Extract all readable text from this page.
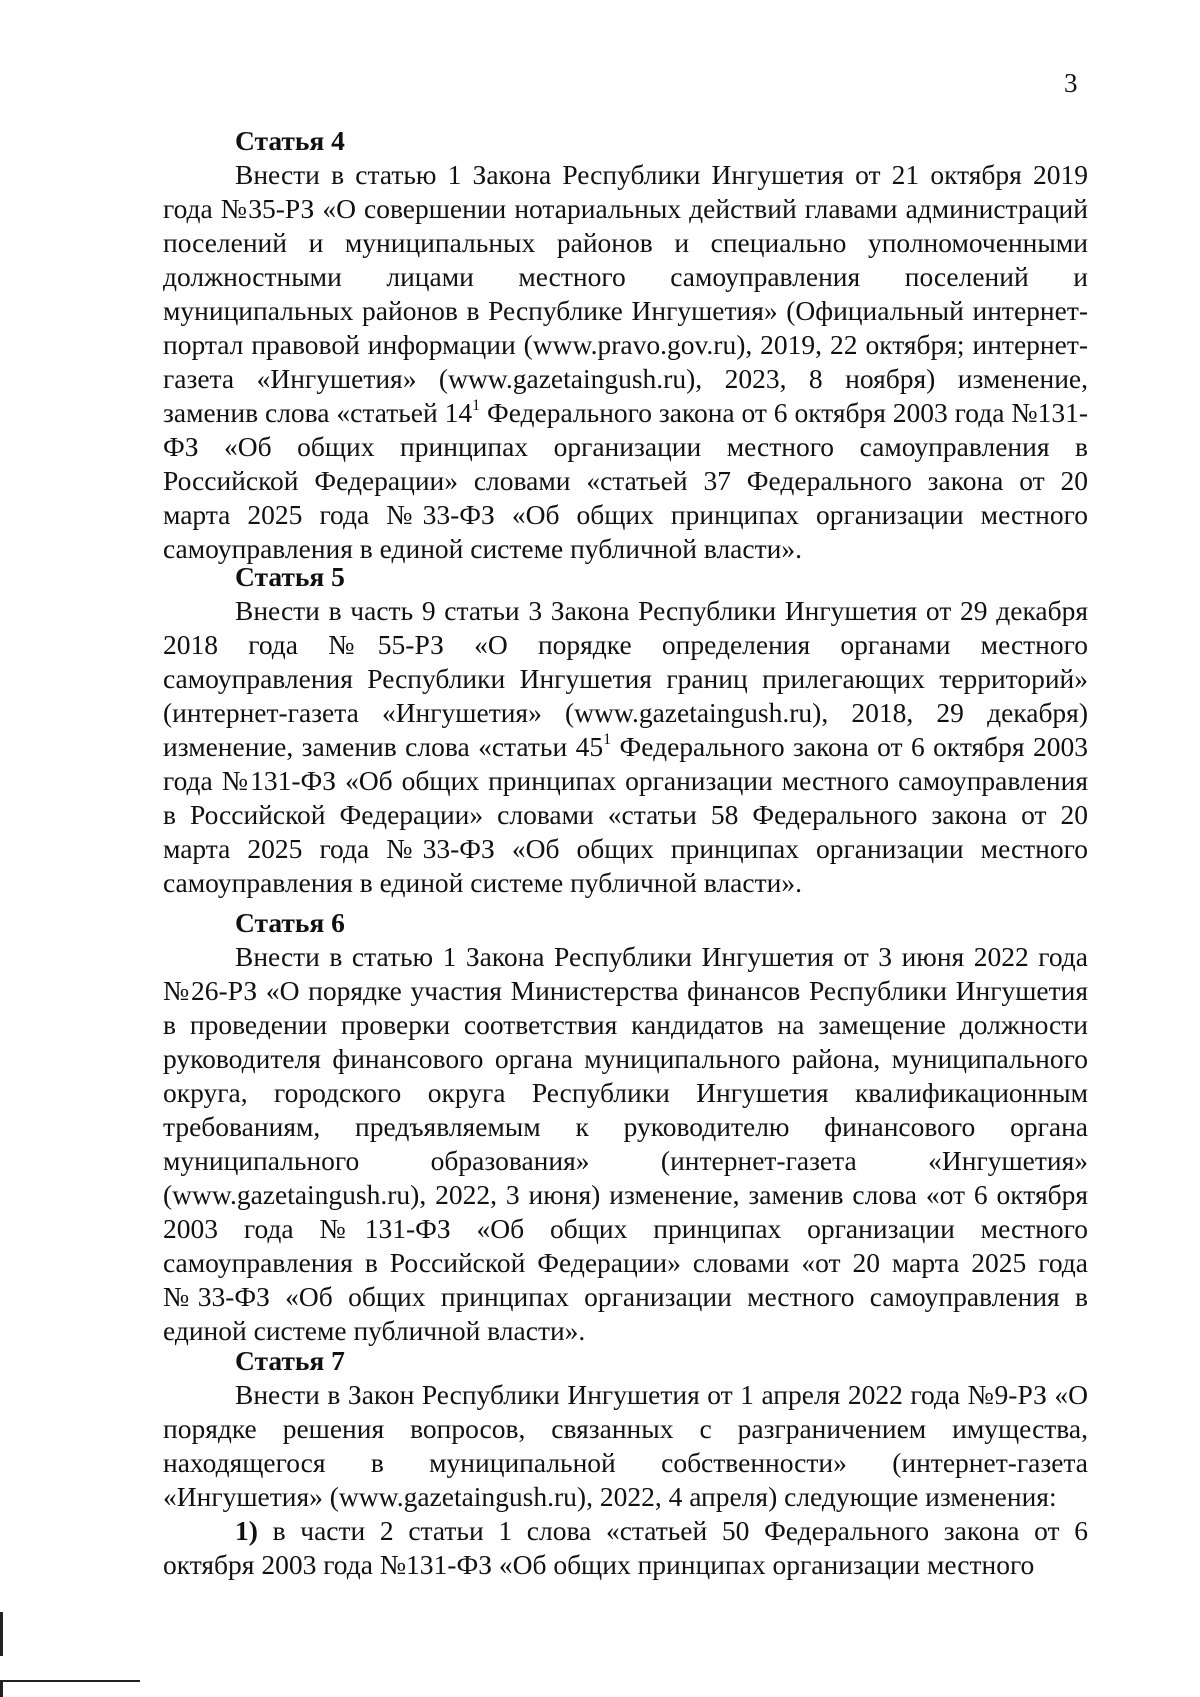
3
Статья 4

Внести в статью 1 Закона Республики Ингушетия от 21 октября 2019 года №35-РЗ «О совершении нотариальных действий главами администраций поселений и муниципальных районов и специально уполномоченными должностными лицами местного самоуправления поселений и муниципальных районов в Республике Ингушетия» (Официальный интернет-портал правовой информации (www.pravo.gov.ru), 2019, 22 октября; интернет-газета «Ингушетия» (www.gazetaingush.ru), 2023, 8 ноября) изменение, заменив слова «статьей $14^1$ Федерального закона от 6 октября 2003 года №131-ФЗ «Об общих принципах организации местного самоуправления в Российской Федерации» словами «статьей 37 Федерального закона от 20 марта 2025 года №33-ФЗ «Об общих принципах организации местного самоуправления в единой системе публичной власти».

Статья 5

Внести в часть 9 статьи 3 Закона Республики Ингушетия от 29 декабря 2018 года №55-РЗ «О порядке определения органами местного самоуправления Республики Ингушетия границ прилегающих территорий» (интернет-газета «Ингушетия» (www.gazetaingush.ru), 2018, 29 декабря) изменение, заменив слова «статьи $45^1$ Федерального закона от 6 октября 2003 года №131-ФЗ «Об общих принципах организации местного самоуправления в Российской Федерации» словами «статьи 58 Федерального закона от 20 марта 2025 года №33-ФЗ «Об общих принципах организации местного самоуправления в единой системе публичной власти».

Статья 6

Внести в статью 1 Закона Республики Ингушетия от 3 июня 2022 года №26-РЗ «О порядке участия Министерства финансов Республики Ингушетия в проведении проверки соответствия кандидатов на замещение должности руководителя финансового органа муниципального района, муниципального округа, городского округа Республики Ингушетия квалификационным требованиям, предъявляемым к руководителю финансового органа муниципального образования» (интернет-газета «Ингушетия» (www.gazetaingush.ru), 2022, 3 июня) изменение, заменив слова «от 6 октября 2003 года №131-ФЗ «Об общих принципах организации местного самоуправления в Российской Федерации» словами «от 20 марта 2025 года №33-ФЗ «Об общих принципах организации местного самоуправления в единой системе публичной власти».

Статья 7

Внести в Закон Республики Ингушетия от 1 апреля 2022 года №9-РЗ «О порядке решения вопросов, связанных с разграничением имущества, находящегося в муниципальной собственности» (интернет-газета «Ингушетия» (www.gazetaingush.ru), 2022, 4 апреля) следующие изменения:

1) в части 2 статьи 1 слова «статьей 50 Федерального закона от 6 октября 2003 года №131-ФЗ «Об общих принципах организации местного
